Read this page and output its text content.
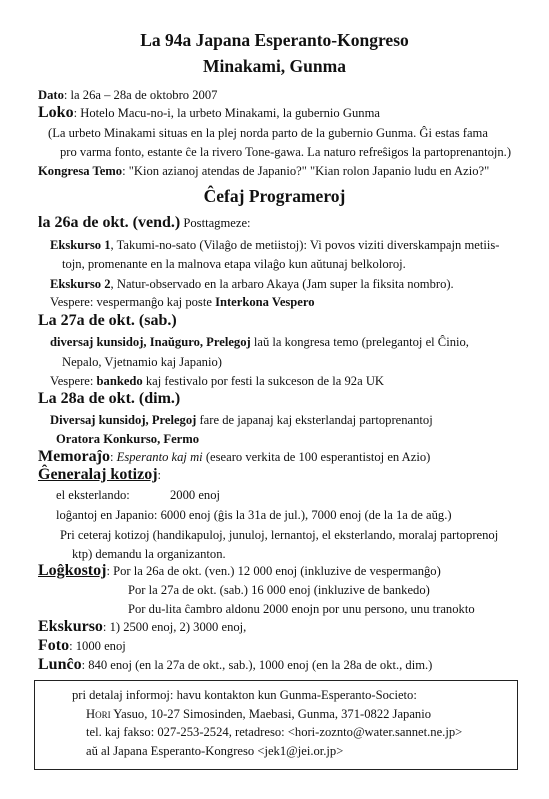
La 94a Japana Esperanto-Kongreso
Minakami, Gunma
Dato: la 26a – 28a de oktobro 2007
Loko: Hotelo Macu-no-i, la urbeto Minakami, la gubernio Gunma
(La urbeto Minakami situas en la plej norda parto de la gubernio Gunma. Ĝi estas fama
pro varma fonto, estante ĉe la rivero Tone-gawa. La naturo refreŝigos la partoprenantojn.)
Kongresa Temo: "Kion azianoj atendas de Japanio?" "Kian rolon Japanio ludu en Azio?"
Ĉefaj Programeroj
la 26a de okt. (vend.) Posttagmeze:
Ekskurso 1, Takumi-no-sato (Vilaĝo de metiistoj): Vi povos viziti diverskampajn metiis-
tojn, promenante en la malnova etapa vilaĝo kun aŭtunaj belkoloroj.
Ekskurso 2, Natur-observado en la arbaro Akaya (Jam super la fiksita nombro).
Vespere: vespermanĝo kaj poste Interkona Vespero
La 27a de okt. (sab.)
diversaj kunsidoj, Inaŭguro, Prelegoj laŭ la kongresa temo (prelegantoj el Ĉinio,
Nepalo, Vjetnamio kaj Japanio)
Vespere: bankedo kaj festivalo por festi la sukceson de la 92a UK
La 28a de okt. (dim.)
Diversaj kunsidoj, Prelegoj fare de japanaj kaj eksterlandaj partoprenantoj
Oratora Konkurso, Fermo
Memoraĵo: Esperanto kaj mi (esearo verkita de 100 esperantistoj en Azio)
Ĝeneralaj kotizoj:
el eksterlando:	2000 enoj
loĝantoj en Japanio: 6000 enoj (ĝis la 31a de jul.), 7000 enoj (de la 1a de aŭg.)
Pri ceteraj kotizoj (handikapuloj, junuloj, lernantoj, el eksterlando, moralaj partoprenoj
ktp) demandu la organizanton.
Loĝkostoj: Por la 26a de okt. (ven.) 12 000 enoj (inkluzive de vespermanĝo)
Por la 27a de okt. (sab.) 16 000 enoj (inkluzive de bankedo)
Por du-lita ĉambro aldonu 2000 enojn por unu persono, unu tranokto
Ekskurso: 1) 2500 enoj, 2) 3000 enoj,
Foto: 1000 enoj
Lunĉo: 840 enoj (en la 27a de okt., sab.), 1000 enoj (en la 28a de okt., dim.)
pri detalaj informoj: havu kontakton kun Gunma-Esperanto-Societo:
Hori Yasuo, 10-27 Simosinden, Maebasi, Gunma, 371-0822 Japanio
tel. kaj fakso: 027-253-2524, retadreso: <hori-zoznto@water.sannet.ne.jp>
aŭ al Japana Esperanto-Kongreso <jek1@jei.or.jp>
